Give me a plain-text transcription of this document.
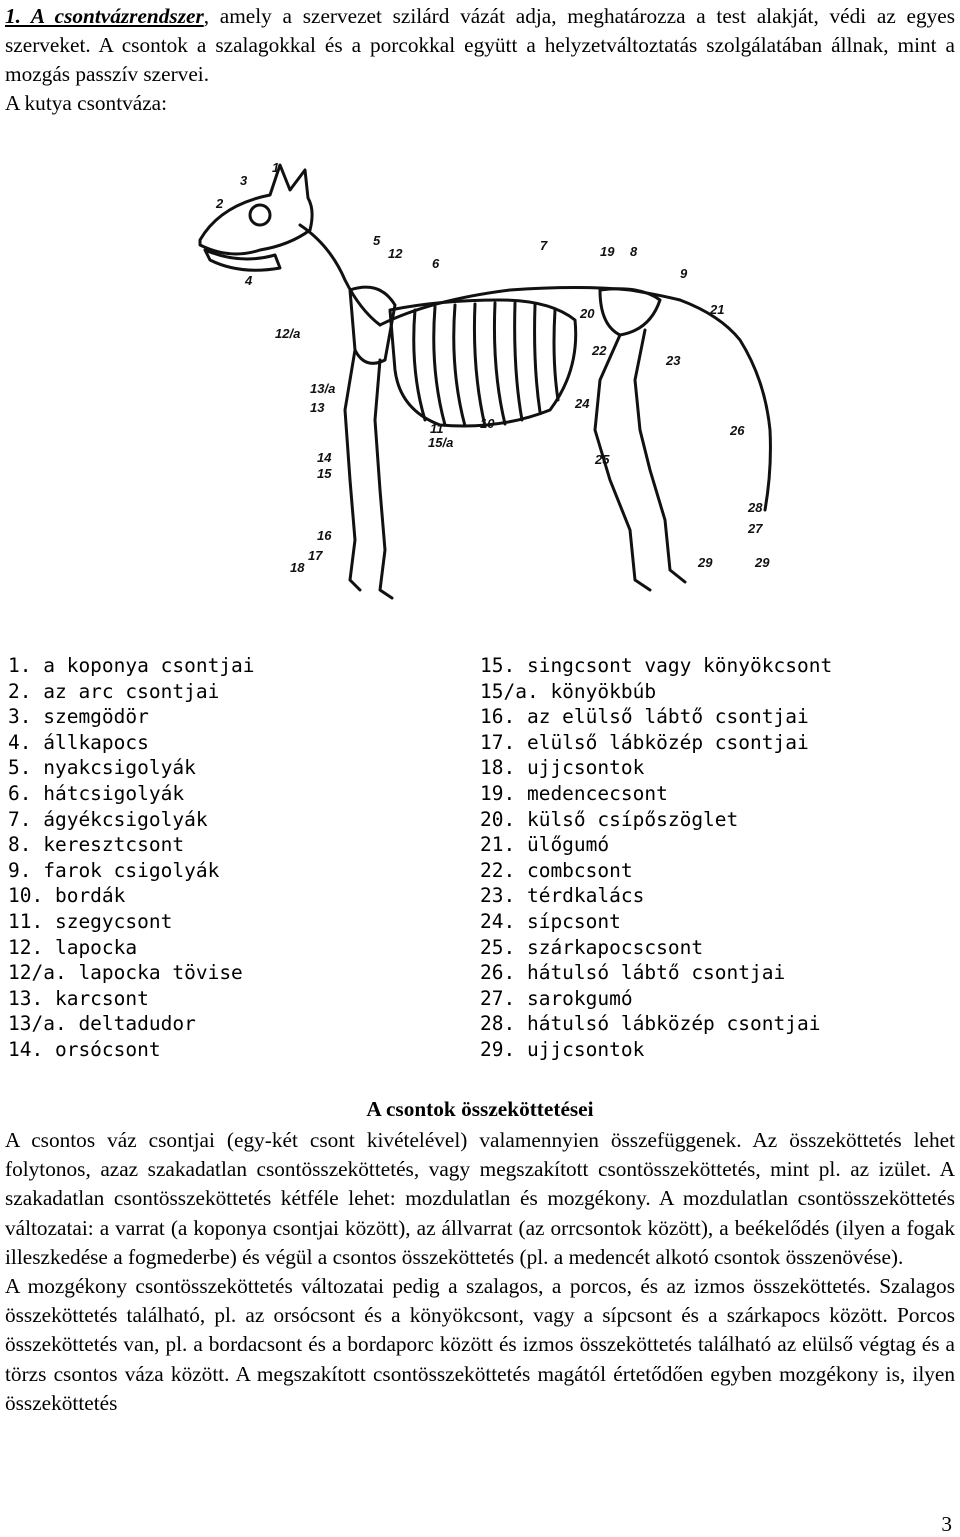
1. A csontvázrendszer, amely a szervezet szilárd vázát adja, meghatározza a test alakját, védi az egyes szerveket. A csontok a szalagokkal és a porcokkal együtt a helyzetváltoztatás szolgálatában állnak, mint a mozgás passzív szervei.

A kutya csontváza:

1
2
3
4
5
6
7	8
9
10
11
12
12/a
13
13/a
14
15
15/a
16
17
18
19
20	21
22
23
24
25
26
27
28
29
29
1. a koponya csontjai
2. az arc csontjai
3. szemgödör
4. állkapocs
5. nyakcsigolyák
6. hátcsigolyák
7. ágyékcsigolyák
8. keresztcsont
9. farok csigolyák
10. bordák
11. szegycsont
12. lapocka
12/a. lapocka tövise
13. karcsont
13/a. deltadudor
14. orsócsont
15. singcsont vagy könyökcsont
15/a. könyökbúb
16. az elülső lábtő csontjai
17. elülső lábközép csontjai
18. ujjcsontok
19. medencecsont
20. külső csípőszöglet
21. ülőgumó
22. combcsont
23. térdkalács
24. sípcsont
25. szárkapocscsont
26. hátulsó lábtő csontjai
27. sarokgumó
28. hátulsó lábközép csontjai
29. ujjcsontok
A csontok összeköttetései

A csontos váz csontjai (egy-két csont kivételével) valamennyien összefüggenek. Az összeköttetés lehet folytonos, azaz szakadatlan csontösszeköttetés, vagy megszakított csontösszeköttetés, mint pl. az izület. A szakadatlan csontösszeköttetés kétféle lehet: mozdulatlan és mozgékony. A mozdulatlan csontösszeköttetés változatai: a varrat (a koponya csontjai között), az állvarrat (az orrcsontok között), a beékelődés (ilyen a fogak illeszkedése a fogmederbe) és végül a csontos összeköttetés (pl. a medencét alkotó csontok összenövése).

A mozgékony csontösszeköttetés változatai pedig a szalagos, a porcos, és az izmos összeköttetés. Szalagos összeköttetés található, pl. az orsócsont és a könyökcsont, vagy a sípcsont és a szárkapocs között. Porcos összeköttetés van, pl. a bordacsont és a bordaporc között és izmos összeköttetés található az elülső végtag és a törzs csontos váza között. A megszakított csontösszeköttetés magától értetődően egyben mozgékony is, ilyen összeköttetés

3
